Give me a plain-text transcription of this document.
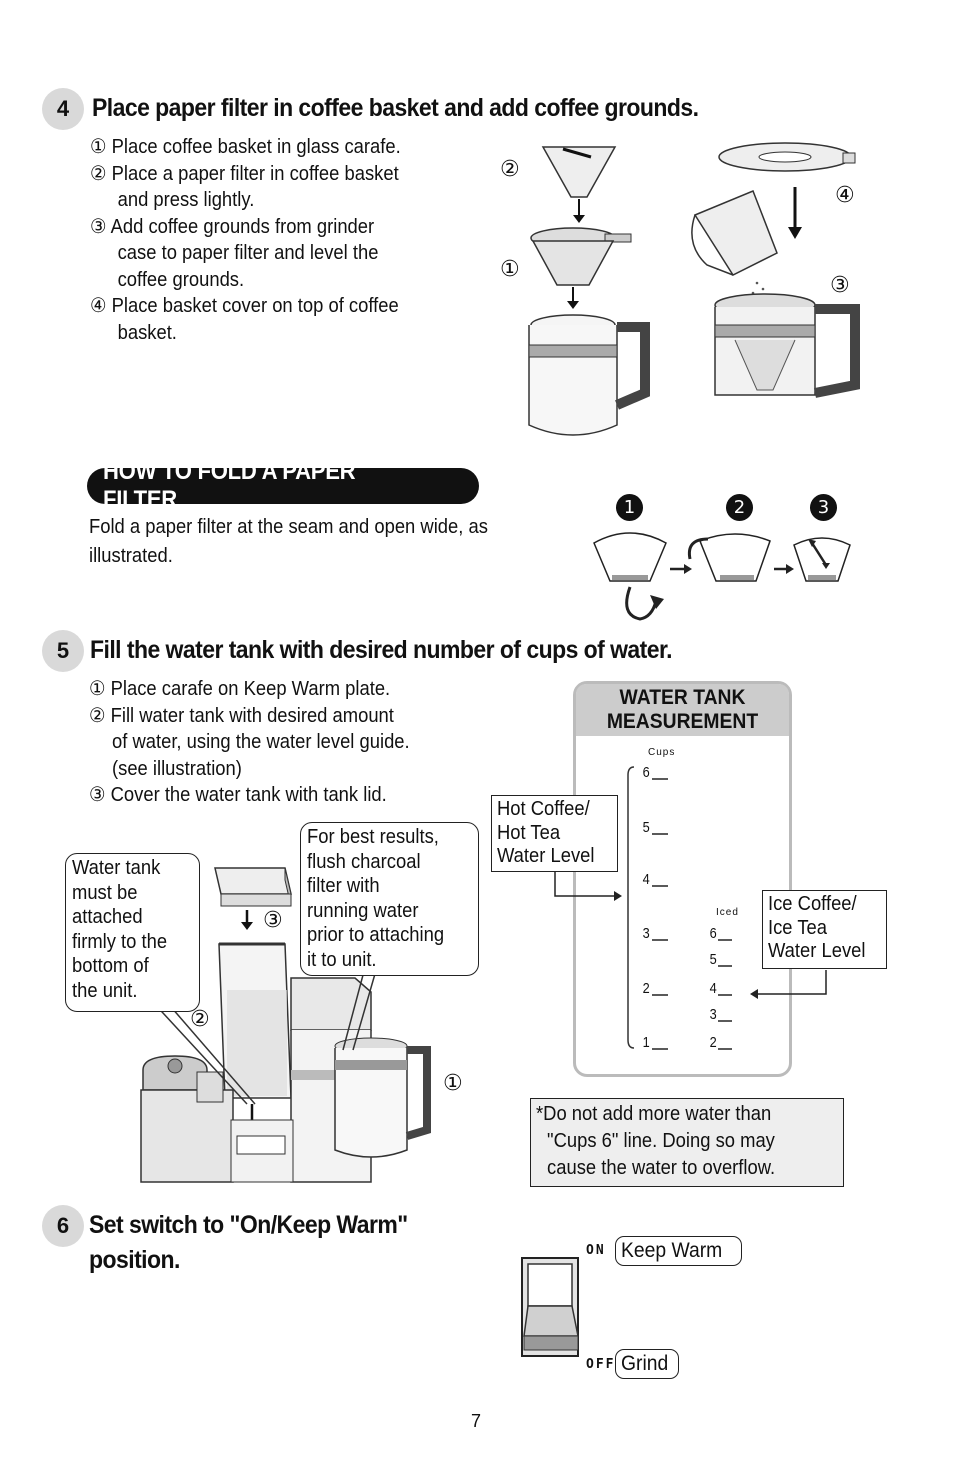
4 Place paper filter in coffee basket and add coffee grounds.
① Place coffee basket in glass carafe.
② Place a paper filter in coffee basket
and press lightly.
③ Add coffee grounds from grinder
case to paper filter and level the
coffee grounds.
④ Place basket cover on top of coffee
basket.
②
①
④
③
HOW TO FOLD A PAPER FILTER
Fold a paper filter at the seam and open wide, as
illustrated.
1	2	3
5 Fill the water tank with desired number of cups of water.
① Place carafe on Keep Warm plate.
② Fill water tank with desired amount
of water, using the water level guide.
(see illustration)
③ Cover the water tank with tank lid.
Water tank
must be
attached
firmly to the
bottom of
the unit.
For best results,
flush charcoal
filter with
running water
prior to attaching
it to unit.
③
②
①
WATER TANK
MEASUREMENT
Cups
Iced
6
5
4
3
2
1
6
5
4
3
2
Hot Coffee/
Hot Tea
Water Level
Ice Coffee/
Ice Tea
Water Level
*Do not add more water than
"Cups 6" line. Doing so may
cause the water to overflow.
6 Set switch to "On/Keep Warm"
position.	ON
OFF
Keep Warm
Grind
7
